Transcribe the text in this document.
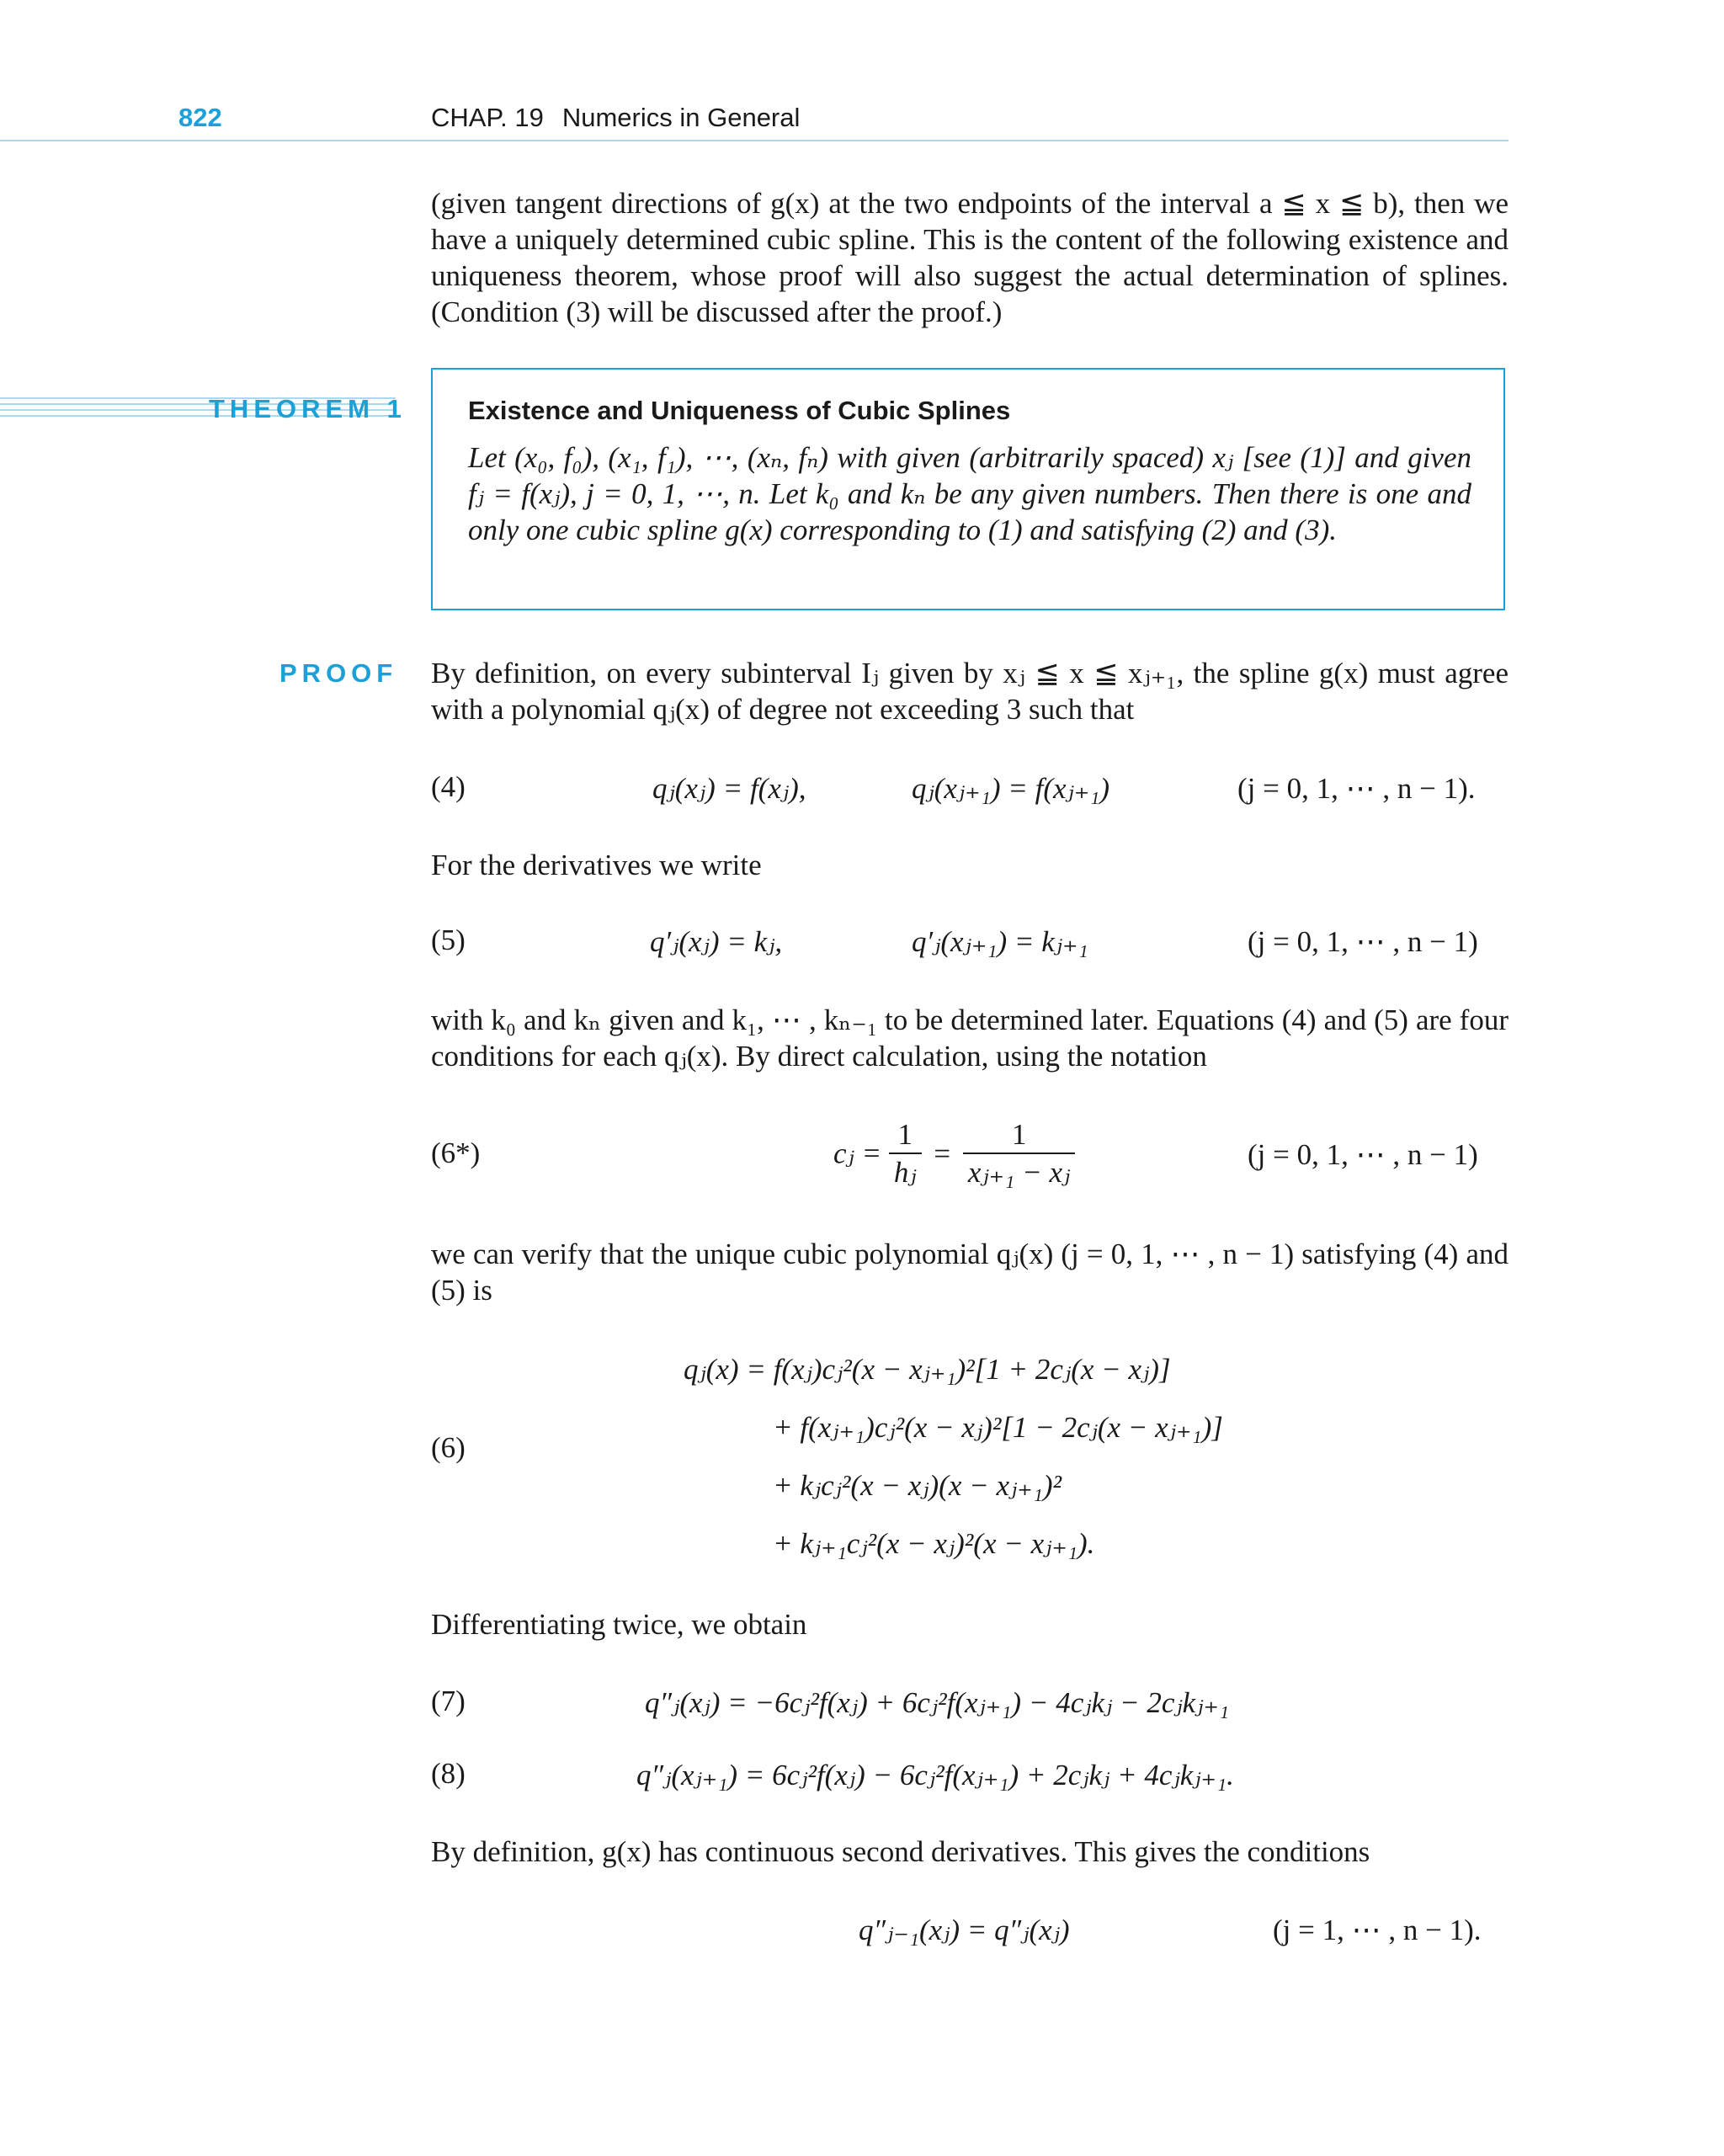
822	CHAP. 19 Numerics in General
(given tangent directions of g(x) at the two endpoints of the interval a ≦ x ≦ b), then we have a uniquely determined cubic spline. This is the content of the following existence and uniqueness theorem, whose proof will also suggest the actual determination of splines. (Condition (3) will be discussed after the proof.)
THEOREM 1 Existence and Uniqueness of Cubic Splines
Let (x₀, f₀), (x₁, f₁), ⋯, (xₙ, fₙ) with given (arbitrarily spaced) xⱼ [see (1)] and given fⱼ = f(xⱼ), j = 0, 1, ⋯, n. Let k₀ and kₙ be any given numbers. Then there is one and only one cubic spline g(x) corresponding to (1) and satisfying (2) and (3).
PROOF By definition, on every subinterval Iⱼ given by xⱼ ≦ x ≦ xⱼ₊₁, the spline g(x) must agree with a polynomial qⱼ(x) of degree not exceeding 3 such that
(4)	qⱼ(xⱼ) = f(xⱼ),	qⱼ(xⱼ₊₁) = f(xⱼ₊₁)	(j = 0, 1, ⋯ , n − 1).
For the derivatives we write
(5)	q′ⱼ(xⱼ) = kⱼ,	q′ⱼ(xⱼ₊₁) = kⱼ₊₁	(j = 0, 1, ⋯ , n − 1)
with k₀ and kₙ given and k₁, ⋯ , kₙ₋₁ to be determined later. Equations (4) and (5) are four conditions for each qⱼ(x). By direct calculation, using the notation
(6*)	cⱼ = $\frac{1}{\text{hⱼ}} = \frac{1}{\text{xⱼ₊₁ − xⱼ}}$	(j = 0, 1, ⋯ , n − 1)
we can verify that the unique cubic polynomial qⱼ(x) (j = 0, 1, ⋯ , n − 1) satisfying (4) and (5) is
(6)
qⱼ(x) = f(xⱼ)cⱼ²(x − xⱼ₊₁)²[1 + 2cⱼ(x − xⱼ)]
+ f(xⱼ₊₁)cⱼ²(x − xⱼ)²[1 − 2cⱼ(x − xⱼ₊₁)]
+ kⱼcⱼ²(x − xⱼ)(x − xⱼ₊₁)²
+ kⱼ₊₁cⱼ²(x − xⱼ)²(x − xⱼ₊₁).
Differentiating twice, we obtain
(7)	q″ⱼ(xⱼ) = −6cⱼ²f(xⱼ) + 6cⱼ²f(xⱼ₊₁) − 4cⱼkⱼ − 2cⱼkⱼ₊₁
(8)	q″ⱼ(xⱼ₊₁) = 6cⱼ²f(xⱼ) − 6cⱼ²f(xⱼ₊₁) + 2cⱼkⱼ + 4cⱼkⱼ₊₁.
By definition, g(x) has continuous second derivatives. This gives the conditions
q″ⱼ₋₁(xⱼ) = q″ⱼ(xⱼ)	(j = 1, ⋯ , n − 1).
